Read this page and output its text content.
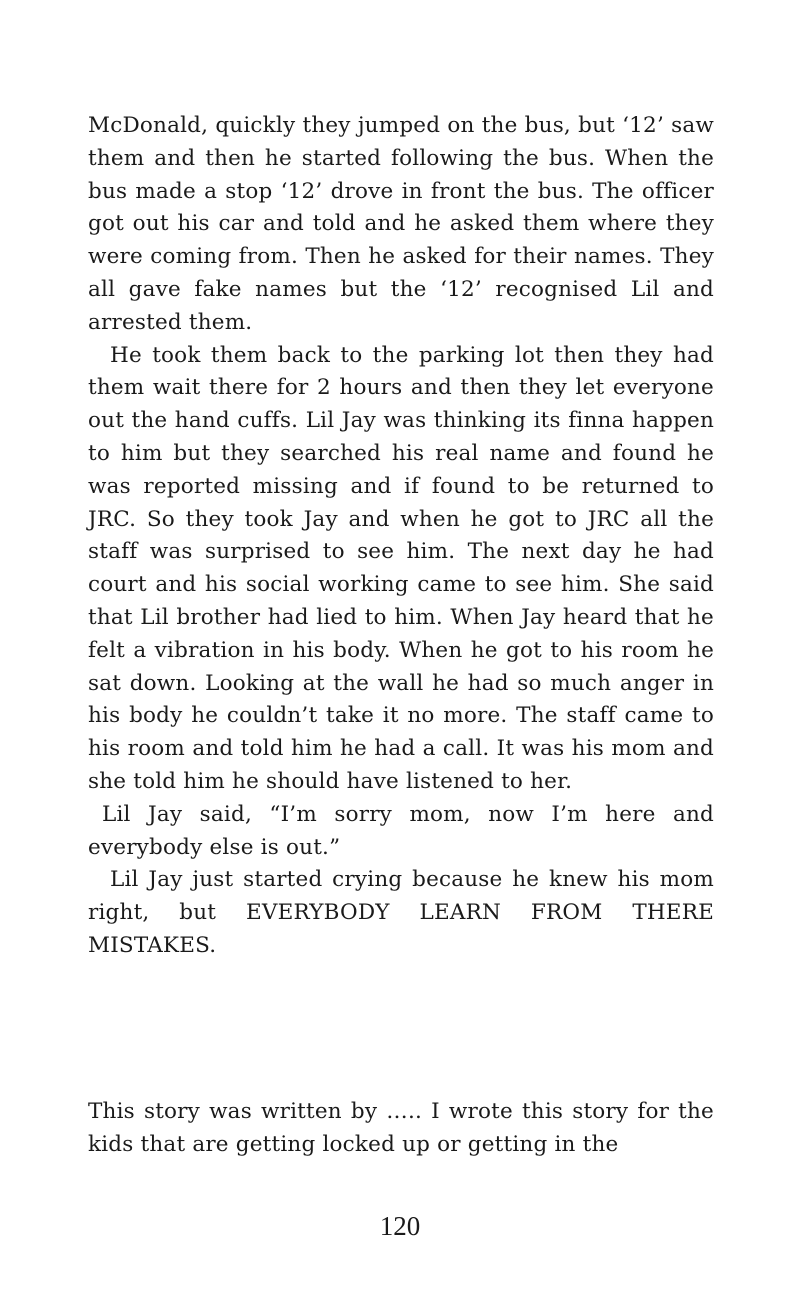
McDonald, quickly they jumped on the bus, but ‘12’ saw them and then he started following the bus. When the bus made a stop ‘12’ drove in front the bus. The officer got out his car and told and he asked them where they were coming from. Then he asked for their names. They all gave fake names but the ‘12’ recognised Lil and arrested them.

He took them back to the parking lot then they had them wait there for 2 hours and then they let everyone out the hand cuffs. Lil Jay was thinking its finna happen to him but they searched his real name and found he was reported missing and if found to be returned to JRC. So they took Jay and when he got to JRC all the staff was surprised to see him. The next day he had court and his social working came to see him. She said that Lil brother had lied to him. When Jay heard that he felt a vibration in his body. When he got to his room he sat down. Looking at the wall he had so much anger in his body he couldn’t take it no more. The staff came to his room and told him he had a call. It was his mom and she told him he should have listened to her.

Lil Jay said, “I’m sorry mom, now I’m here and everybody else is out.”

Lil Jay just started crying because he knew his mom right, but EVERYBODY LEARN FROM THERE MISTAKES.

This story was written by ….. I wrote this story for the kids that are getting locked up or getting in the

120
